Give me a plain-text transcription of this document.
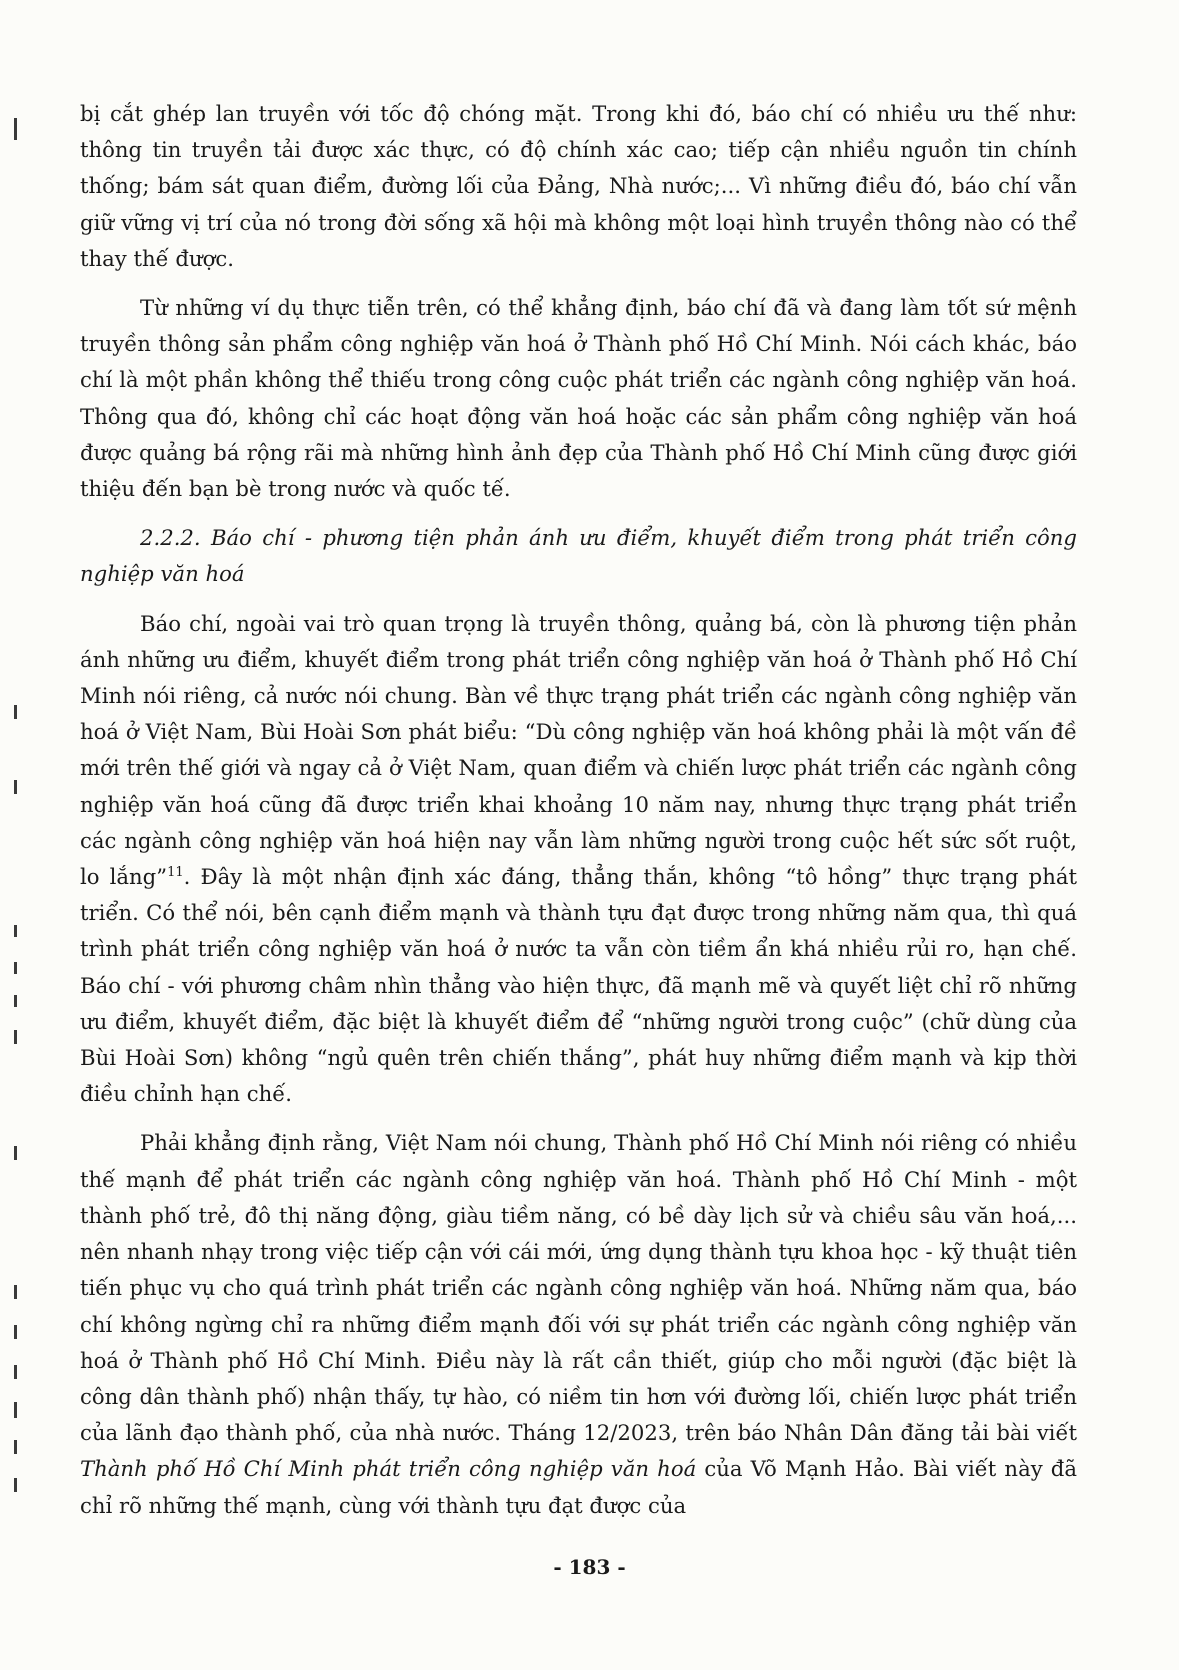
bị cắt ghép lan truyền với tốc độ chóng mặt. Trong khi đó, báo chí có nhiều ưu thế như: thông tin truyền tải được xác thực, có độ chính xác cao; tiếp cận nhiều nguồn tin chính thống; bám sát quan điểm, đường lối của Đảng, Nhà nước;... Vì những điều đó, báo chí vẫn giữ vững vị trí của nó trong đời sống xã hội mà không một loại hình truyền thông nào có thể thay thế được.

Từ những ví dụ thực tiễn trên, có thể khẳng định, báo chí đã và đang làm tốt sứ mệnh truyền thông sản phẩm công nghiệp văn hoá ở Thành phố Hồ Chí Minh. Nói cách khác, báo chí là một phần không thể thiếu trong công cuộc phát triển các ngành công nghiệp văn hoá. Thông qua đó, không chỉ các hoạt động văn hoá hoặc các sản phẩm công nghiệp văn hoá được quảng bá rộng rãi mà những hình ảnh đẹp của Thành phố Hồ Chí Minh cũng được giới thiệu đến bạn bè trong nước và quốc tế.

2.2.2. Báo chí - phương tiện phản ánh ưu điểm, khuyết điểm trong phát triển công nghiệp văn hoá

Báo chí, ngoài vai trò quan trọng là truyền thông, quảng bá, còn là phương tiện phản ánh những ưu điểm, khuyết điểm trong phát triển công nghiệp văn hoá ở Thành phố Hồ Chí Minh nói riêng, cả nước nói chung. Bàn về thực trạng phát triển các ngành công nghiệp văn hoá ở Việt Nam, Bùi Hoài Sơn phát biểu: “Dù công nghiệp văn hoá không phải là một vấn đề mới trên thế giới và ngay cả ở Việt Nam, quan điểm và chiến lược phát triển các ngành công nghiệp văn hoá cũng đã được triển khai khoảng 10 năm nay, nhưng thực trạng phát triển các ngành công nghiệp văn hoá hiện nay vẫn làm những người trong cuộc hết sức sốt ruột, lo lắng”$^{11}$. Đây là một nhận định xác đáng, thẳng thắn, không “tô hồng” thực trạng phát triển. Có thể nói, bên cạnh điểm mạnh và thành tựu đạt được trong những năm qua, thì quá trình phát triển công nghiệp văn hoá ở nước ta vẫn còn tiềm ẩn khá nhiều rủi ro, hạn chế. Báo chí - với phương châm nhìn thẳng vào hiện thực, đã mạnh mẽ và quyết liệt chỉ rõ những ưu điểm, khuyết điểm, đặc biệt là khuyết điểm để “những người trong cuộc” (chữ dùng của Bùi Hoài Sơn) không “ngủ quên trên chiến thắng”, phát huy những điểm mạnh và kịp thời điều chỉnh hạn chế.

Phải khẳng định rằng, Việt Nam nói chung, Thành phố Hồ Chí Minh nói riêng có nhiều thế mạnh để phát triển các ngành công nghiệp văn hoá. Thành phố Hồ Chí Minh - một thành phố trẻ, đô thị năng động, giàu tiềm năng, có bề dày lịch sử và chiều sâu văn hoá,... nên nhanh nhạy trong việc tiếp cận với cái mới, ứng dụng thành tựu khoa học - kỹ thuật tiên tiến phục vụ cho quá trình phát triển các ngành công nghiệp văn hoá. Những năm qua, báo chí không ngừng chỉ ra những điểm mạnh đối với sự phát triển các ngành công nghiệp văn hoá ở Thành phố Hồ Chí Minh. Điều này là rất cần thiết, giúp cho mỗi người (đặc biệt là công dân thành phố) nhận thấy, tự hào, có niềm tin hơn với đường lối, chiến lược phát triển của lãnh đạo thành phố, của nhà nước. Tháng 12/2023, trên báo Nhân Dân đăng tải bài viết Thành phố Hồ Chí Minh phát triển công nghiệp văn hoá của Võ Mạnh Hảo. Bài viết này đã chỉ rõ những thế mạnh, cùng với thành tựu đạt được của

- 183 -
